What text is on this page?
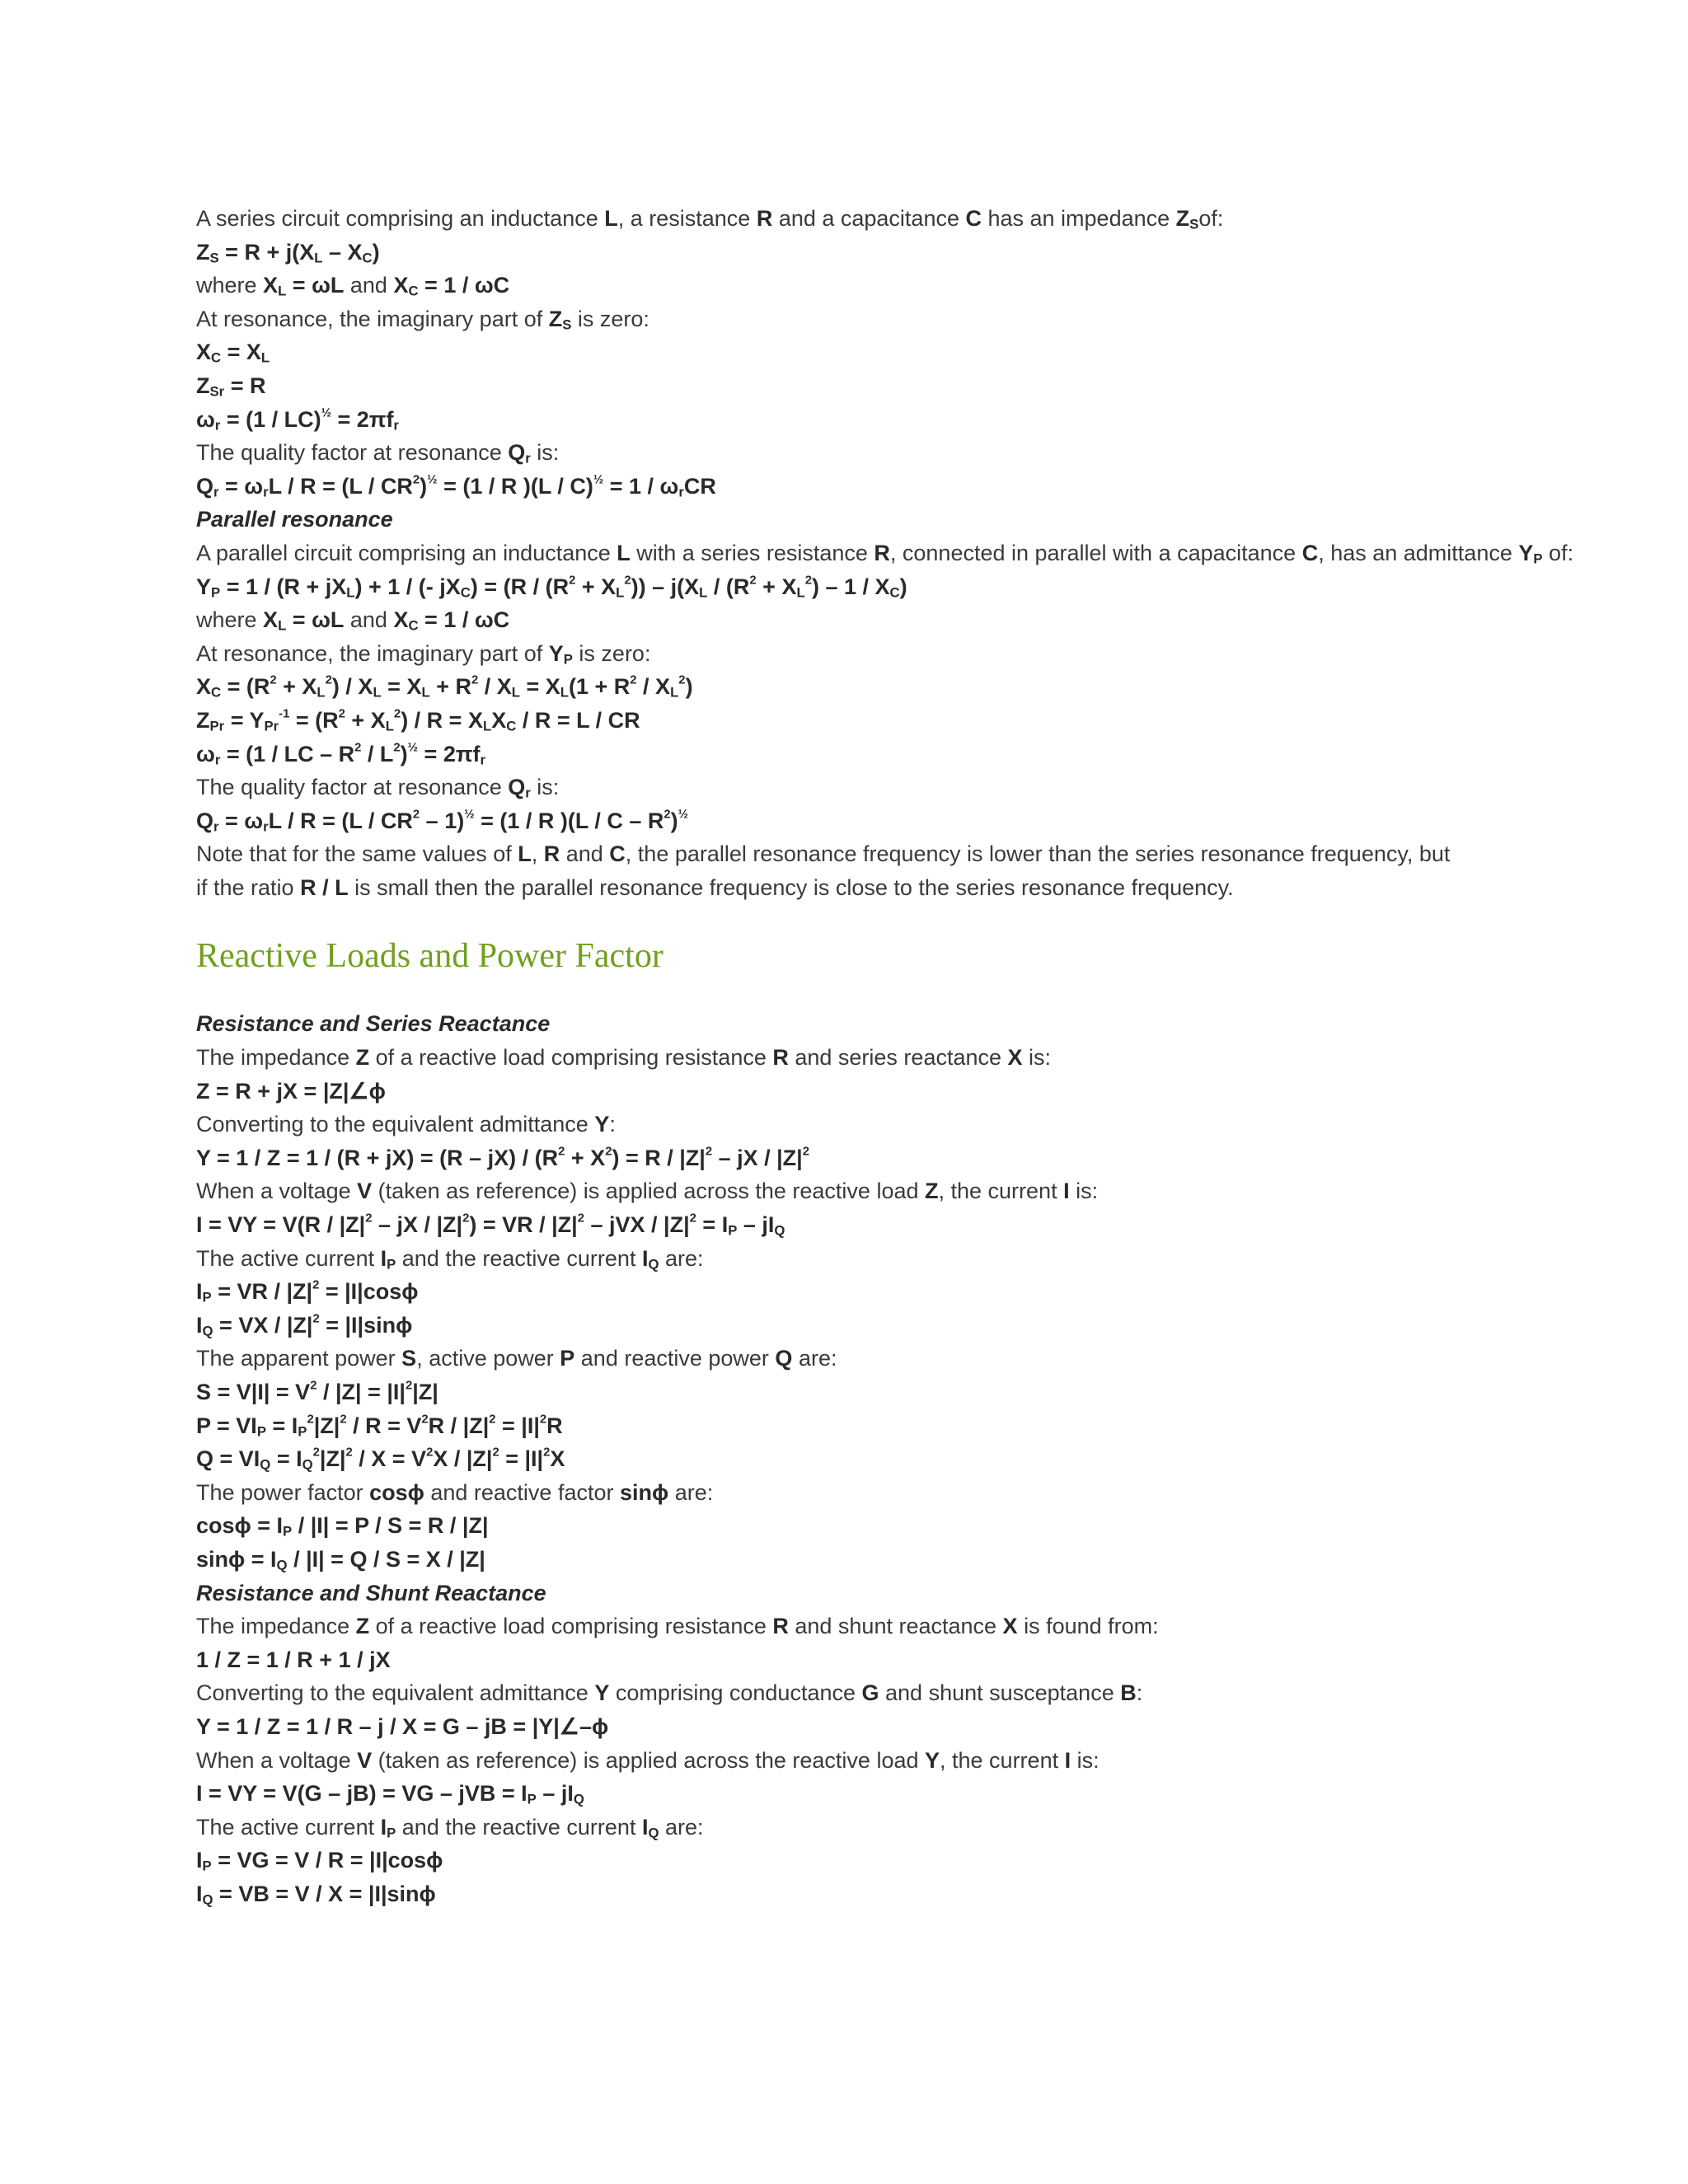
A series circuit comprising an inductance L, a resistance R and a capacitance C has an impedance $Z_Sof$:
$Z_S = R + j(X_L - X_C)$
where $X_L = \omega L$ and $X_C = 1 / \omega C$
At resonance, the imaginary part of $Z_S$ is zero:
$X_C = X_L$
$Z_{Sr} = R$
$\omega_r = (1 / LC)^{\frac{1}{2}} = 2\pi f_r$
The quality factor at resonance $Q_r$ is:
$Q_r = \omega_rL / R = (L / CR^2)^{\frac{1}{2}} = (1 / R$ )$(L / C)^{\frac{1}{2}} = 1 / \omega_rCR$
Parallel resonance
A parallel circuit comprising an inductance L with a series resistance R, connected in parallel with a capacitance C, has an admittance $Y_P$ of:
$Y_P = 1 / (R + jX_L) + 1$ / (- $jX_C) = (R / (R^2 + X_L^2)) - j(X_L / (R^2 + X_L^2) - 1 / X_C)$
where $X_L = \omega L$ and $X_C = 1 / \omega C$
At resonance, the imaginary part of $Y_P$ is zero:
$X_C = (R^2 + X_L^2) / X_L = X_L + R^2 / X_L = X_L(1 + R^2 / X_L^2)$
$Z_{Pr} = Y_{Pr}^{-1} = (R^2 + X_L^2) / R = X_LX_C / R = L$ / CR
$\omega_r = (1$ / LC – $R^2 / L^2)^{\frac{1}{2}} = 2\pi f_r$
The quality factor at resonance $Q_r$ is:
$Q_r = \omega_rL / R = (L / CR^2 - 1)^{\frac{1}{2}} = (1 / R$ )(L / C – $R^2)^{\frac{1}{2}}$
Note that for the same values of L, R and C, the parallel resonance frequency is lower than the series resonance frequency, but if the ratio R / L is small then the parallel resonance frequency is close to the series resonance frequency.
Reactive Loads and Power Factor
Resistance and Series Reactance
The impedance Z of a reactive load comprising resistance R and series reactance X is:
Z = R + jX = |Z|∠ϕ
Converting to the equivalent admittance Y:
$Y = 1 / Z = 1 / (R + jX) = (R - jX) / (R^2 + X^2) = R / |Z|^2$ – jX / $|Z|^2$
When a voltage V (taken as reference) is applied across the reactive load Z, the current I is:
I = VY = $V(R / |Z|^2$ – jX / $|Z|^2$) = VR / $|Z|^2$ – jVX / $|Z|^2 = I_P - jI_Q$
The active current $I_P$ and the reactive current $I_Q$ are:
$I_P$ = VR / $|Z|^2 = |I|\cos\phi$
$I_Q$ = VX / $|Z|^2 = |I|\sin\phi$
The apparent power S, active power P and reactive power Q are:
$S = V|I| = V^2 / |Z| = |I|^2|Z|$
$P = VI_P = I_P^2|Z|^2 / R = V^2R / |Z|^2 = |I|^2R$
$Q = VI_Q = I_Q^2|Z|^2 / X = V^2X / |Z|^2 = |I|^2X$
The power factor cosϕ and reactive factor sinϕ are:
$\cos\phi = I_P / |I| = P / S = R / |Z|$
$\sin\phi = I_Q / |I| = Q / S = X / |Z|$
Resistance and Shunt Reactance
The impedance Z of a reactive load comprising resistance R and shunt reactance X is found from:
1 / Z = 1 / R + 1 / jX
Converting to the equivalent admittance Y comprising conductance G and shunt susceptance B:
Y = 1 / Z = 1 / R – j / X = G – jB = |Y|∠–ϕ
When a voltage V (taken as reference) is applied across the reactive load Y, the current I is:
I = VY = V(G – jB) = VG – jVB = $I_P - jI_Q$
The active current $I_P$ and the reactive current $I_Q$ are:
$I_P$ = VG = V / R = |I|cosϕ
$I_Q$ = VB = V / X = |I|sinϕ
